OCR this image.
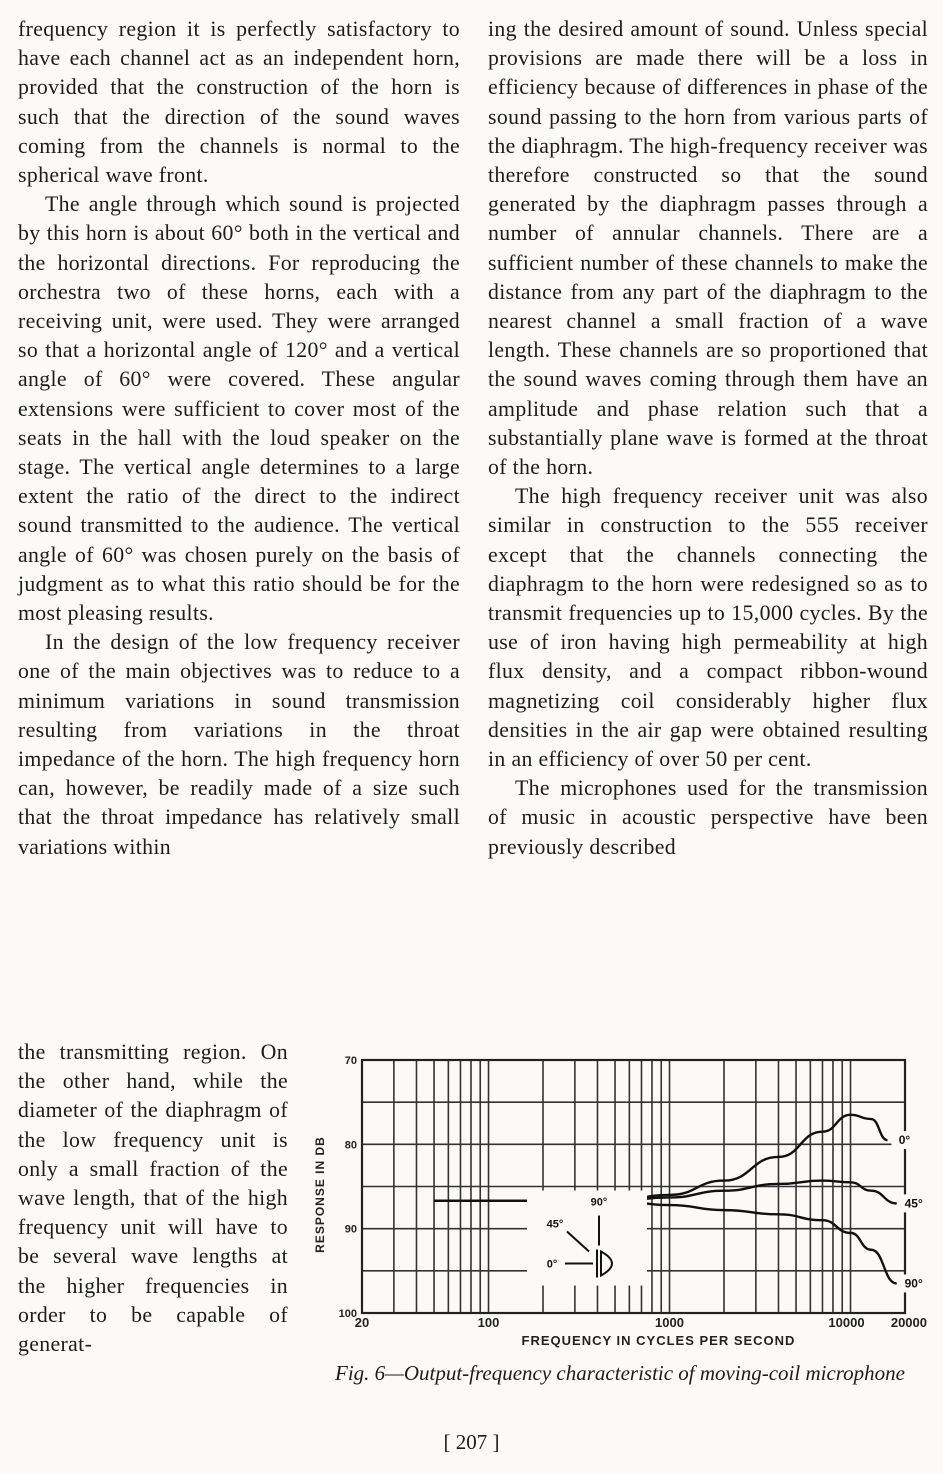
frequency region it is perfectly satisfactory to have each channel act as an independent horn, provided that the construction of the horn is such that the direction of the sound waves coming from the channels is normal to the spherical wave front.
The angle through which sound is projected by this horn is about 60° both in the vertical and the horizontal directions. For reproducing the orchestra two of these horns, each with a receiving unit, were used. They were arranged so that a horizontal angle of 120° and a vertical angle of 60° were covered. These angular extensions were sufficient to cover most of the seats in the hall with the loud speaker on the stage. The vertical angle determines to a large extent the ratio of the direct to the indirect sound transmitted to the audience. The vertical angle of 60° was chosen purely on the basis of judgment as to what this ratio should be for the most pleasing results.
In the design of the low frequency receiver one of the main objectives was to reduce to a minimum variations in sound transmission resulting from variations in the throat impedance of the horn. The high frequency horn can, however, be readily made of a size such that the throat impedance has relatively small variations within

the transmitting region. On the other hand, while the diameter of the diaphragm of the low frequency unit is only a small fraction of the wave length, that of the high frequency unit will have to be several wave lengths at the higher frequencies in order to be capable of generat-

ing the desired amount of sound. Unless special provisions are made there will be a loss in efficiency because of differences in phase of the sound passing to the horn from various parts of the diaphragm. The high-frequency receiver was therefore constructed so that the sound generated by the diaphragm passes through a number of annular channels. There are a sufficient number of these channels to make the distance from any part of the diaphragm to the nearest channel a small fraction of a wave length. These channels are so proportioned that the sound waves coming through them have an amplitude and phase relation such that a substantially plane wave is formed at the throat of the horn.
The high frequency receiver unit was also similar in construction to the 555 receiver except that the channels connecting the diaphragm to the horn were redesigned so as to transmit frequencies up to 15,000 cycles. By the use of iron having high permeability at high flux density, and a compact ribbon-wound magnetizing coil considerably higher flux densities in the air gap were obtained resulting in an efficiency of over 50 per cent.
The microphones used for the transmission of music in acoustic perspective have been previously described

70
80
90
100
20	100	1000	10000 20000
FREQUENCY IN CYCLES PER SECOND
RESPONSE IN DB	0°
45°
90°
90°
45°
0°
Fig. 6—Output-frequency characteristic of moving-coil microphone
[ 207 ]
